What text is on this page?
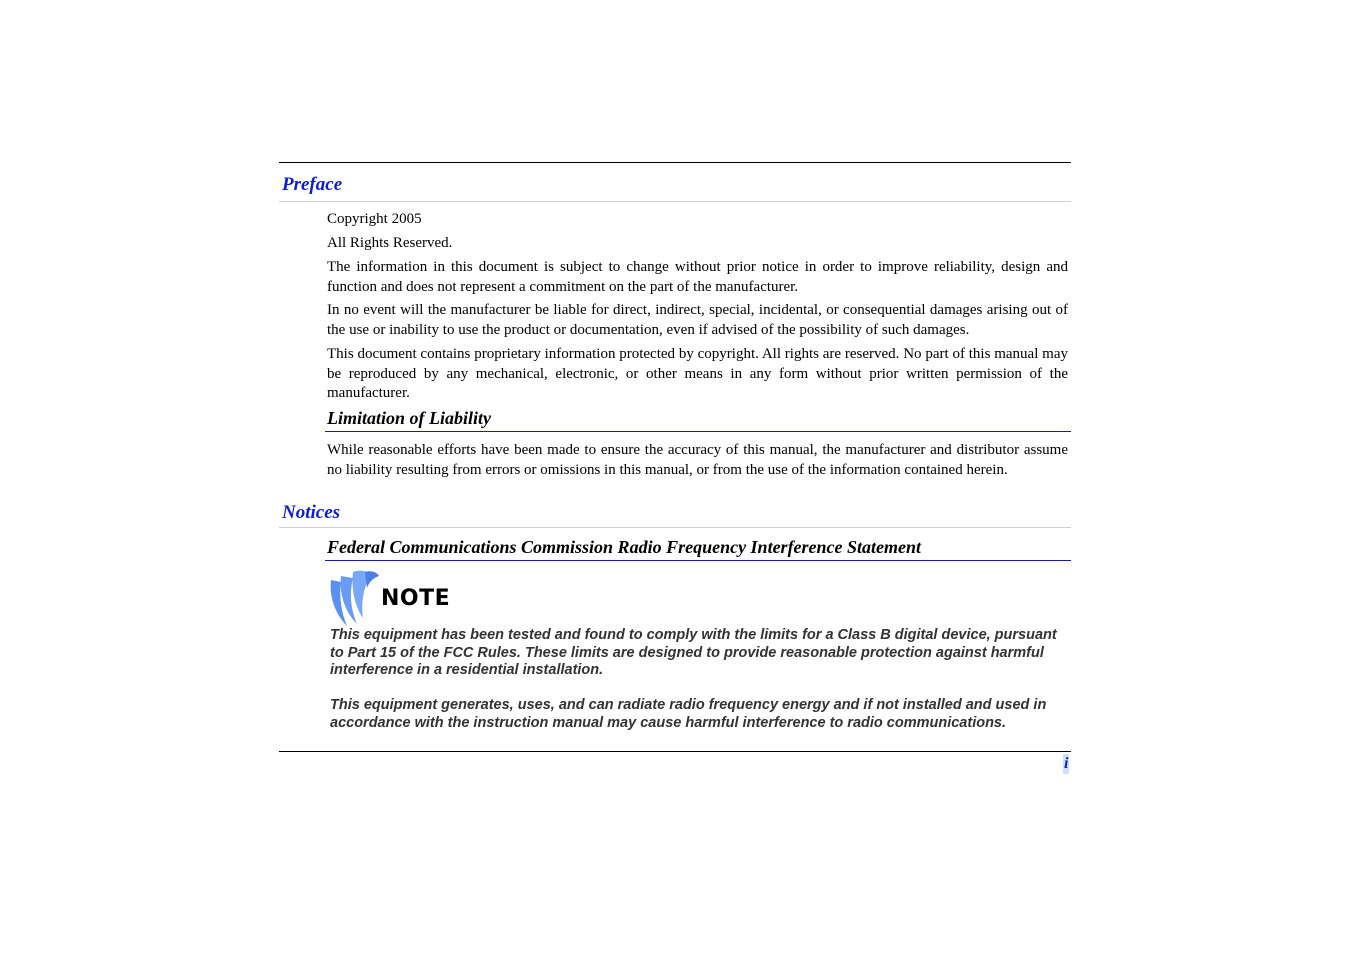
Preface

Copyright 2005

All Rights Reserved.

The information in this document is subject to change without prior notice in order to improve reliability, design and function and does not represent a commitment on the part of the manufacturer.

In no event will the manufacturer be liable for direct, indirect, special, incidental, or consequential damages arising out of the use or inability to use the product or documentation, even if advised of the possibility of such damages.

This document contains proprietary information protected by copyright. All rights are reserved. No part of this manual may be reproduced by any mechanical, electronic, or other means in any form without prior written permission of the manufacturer.

Limitation of Liability

While reasonable efforts have been made to ensure the accuracy of this manual, the manufacturer and distributor assume no liability resulting from errors or omissions in this manual, or from the use of the information contained herein.

Notices
Federal Communications Commission Radio Frequency Interference Statement
NOTE

This equipment has been tested and found to comply with the limits for a Class B digital device, pursuant to Part 15 of the FCC Rules. These limits are designed to provide reasonable protection against harmful interference in a residential installation.

This equipment generates, uses, and can radiate radio frequency energy and if not installed and used in accordance with the instruction manual may cause harmful interference to radio communications.

i
